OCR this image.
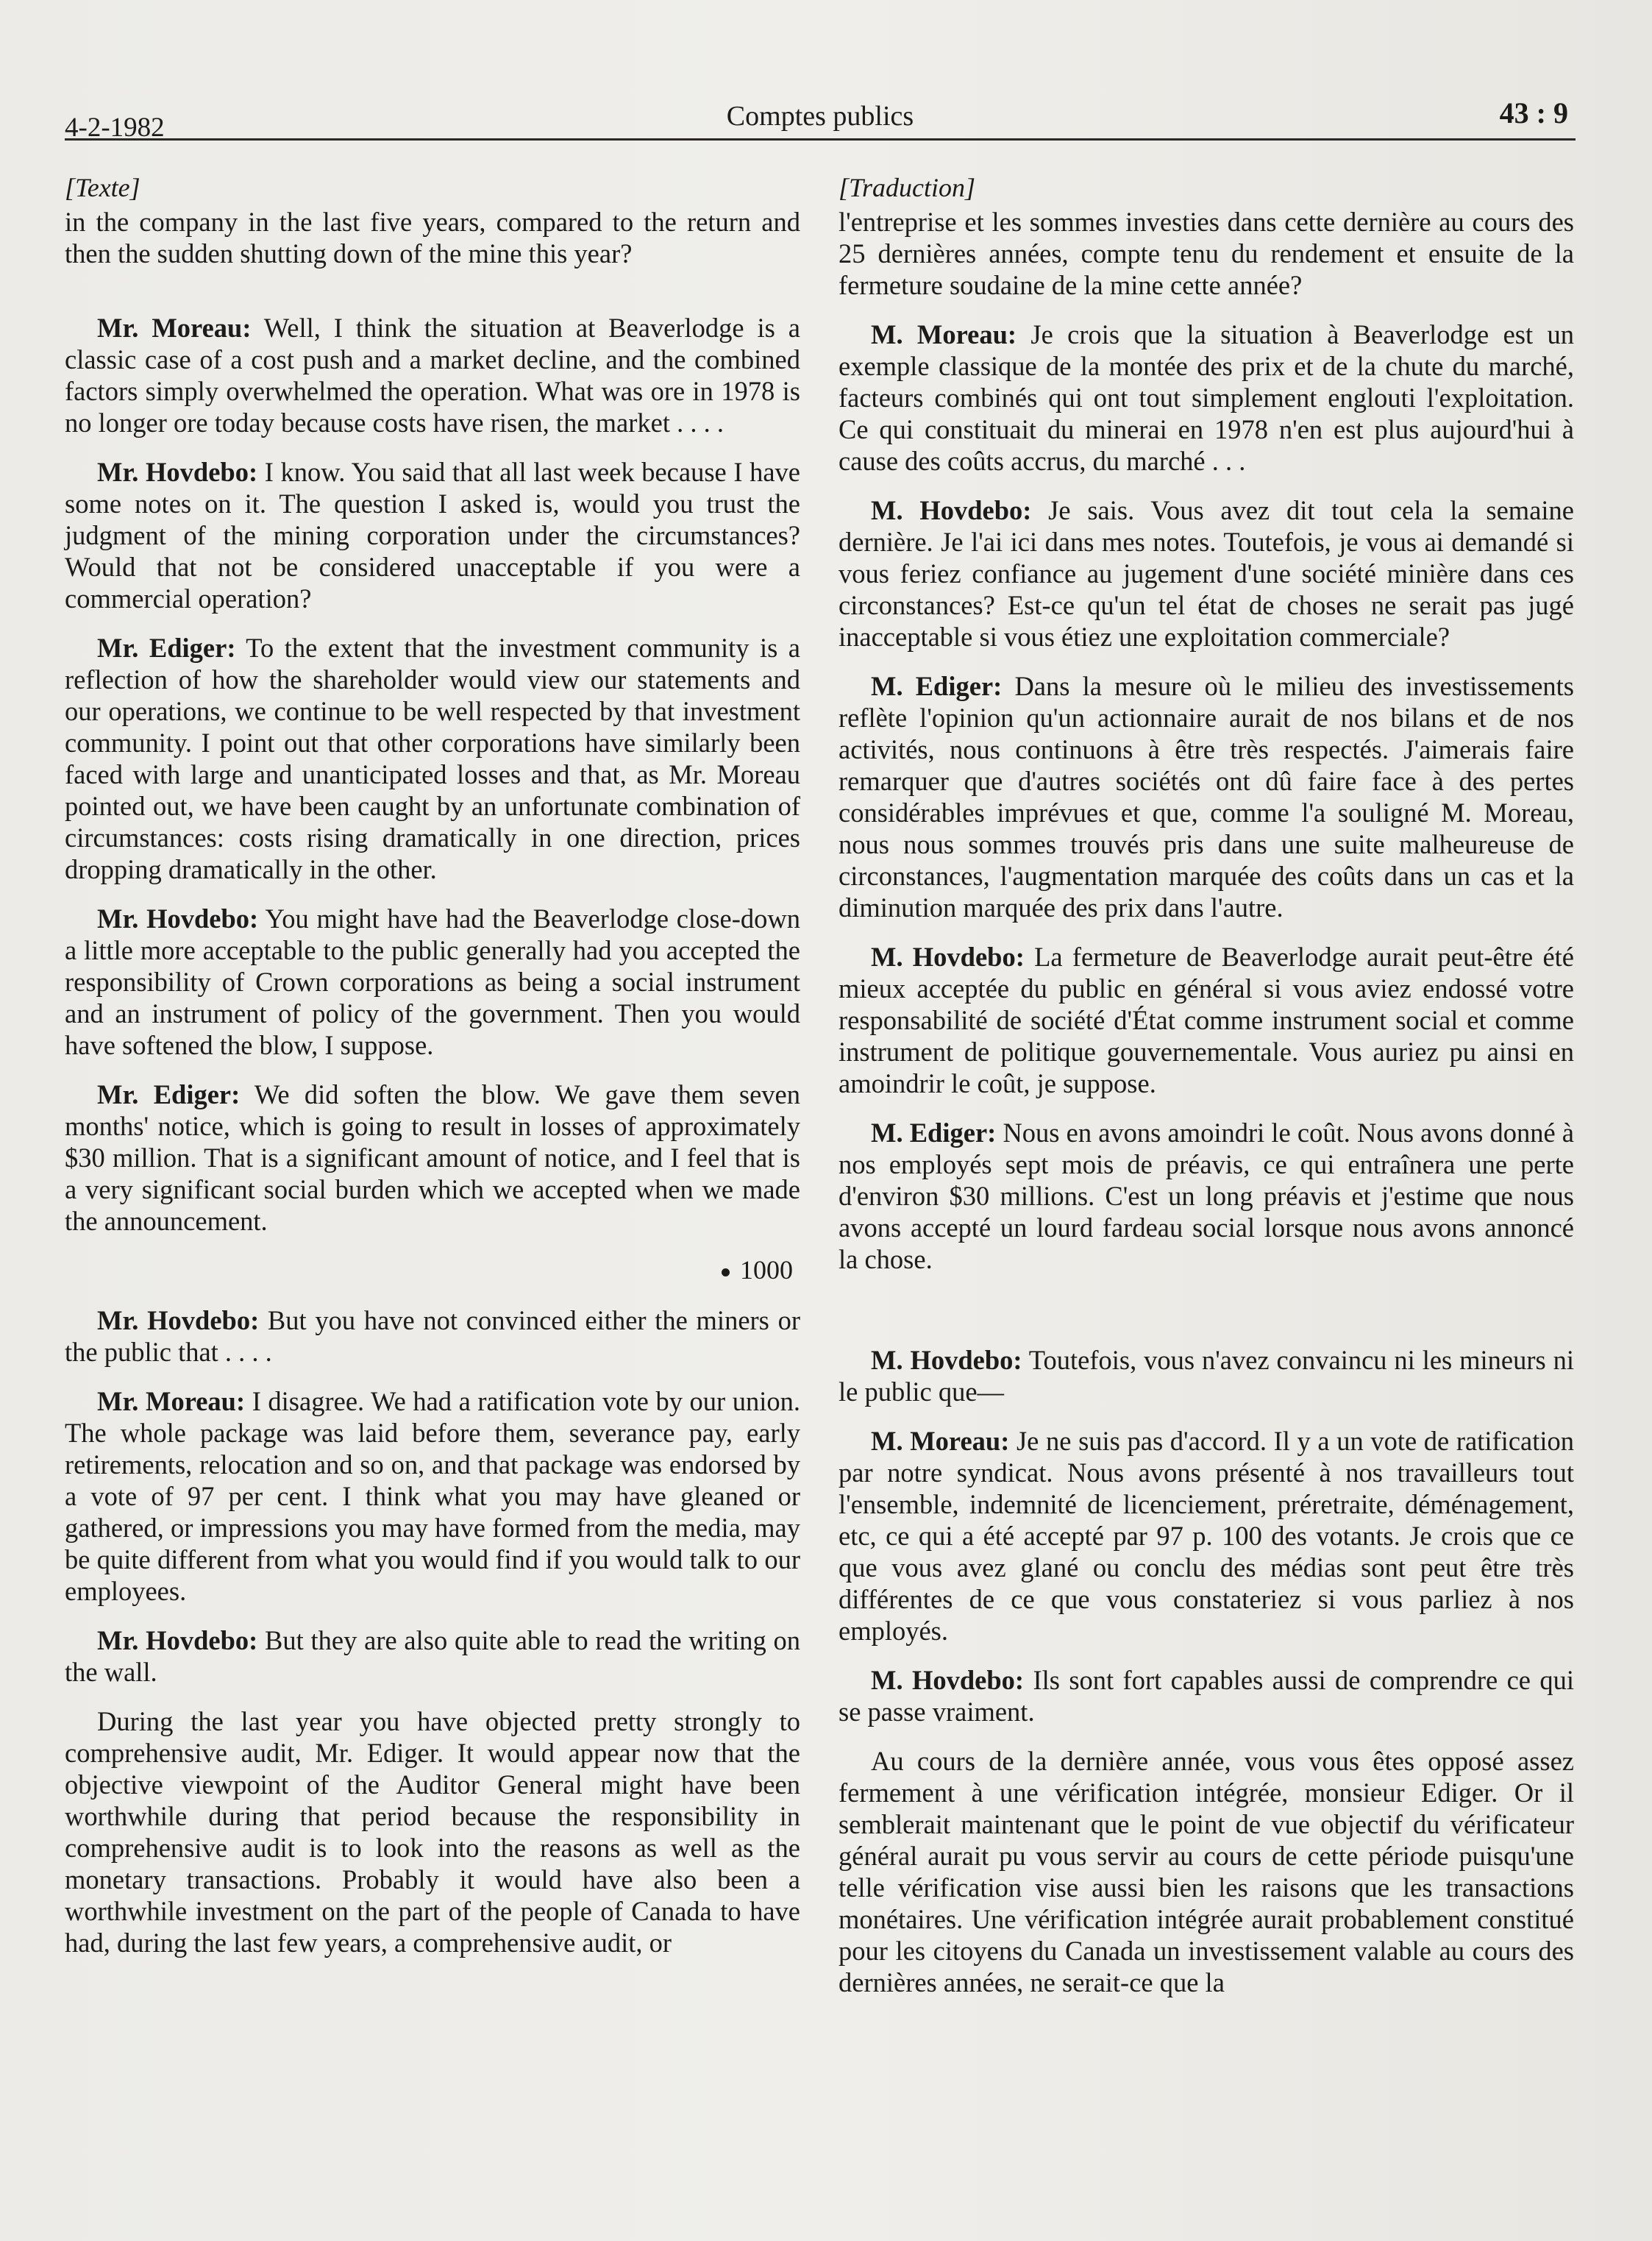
4-2-1982	Comptes publics	43 : 9
[Texte]

in the company in the last five years, compared to the return and then the sudden shutting down of the mine this year?

Mr. Moreau: Well, I think the situation at Beaverlodge is a classic case of a cost push and a market decline, and the combined factors simply overwhelmed the operation. What was ore in 1978 is no longer ore today because costs have risen, the market . . . .

Mr. Hovdebo: I know. You said that all last week because I have some notes on it. The question I asked is, would you trust the judgment of the mining corporation under the circumstances? Would that not be considered unacceptable if you were a commercial operation?

Mr. Ediger: To the extent that the investment community is a reflection of how the shareholder would view our statements and our operations, we continue to be well respected by that investment community. I point out that other corporations have similarly been faced with large and unanticipated losses and that, as Mr. Moreau pointed out, we have been caught by an unfortunate combination of circumstances: costs rising dramatically in one direction, prices dropping dramatically in the other.

Mr. Hovdebo: You might have had the Beaverlodge close-down a little more acceptable to the public generally had you accepted the responsibility of Crown corporations as being a social instrument and an instrument of policy of the government. Then you would have softened the blow, I suppose.

Mr. Ediger: We did soften the blow. We gave them seven months' notice, which is going to result in losses of approximately $30 million. That is a significant amount of notice, and I feel that is a very significant social burden which we accepted when we made the announcement.

1000

Mr. Hovdebo: But you have not convinced either the miners or the public that . . . .

Mr. Moreau: I disagree. We had a ratification vote by our union. The whole package was laid before them, severance pay, early retirements, relocation and so on, and that package was endorsed by a vote of 97 per cent. I think what you may have gleaned or gathered, or impressions you may have formed from the media, may be quite different from what you would find if you would talk to our employees.

Mr. Hovdebo: But they are also quite able to read the writing on the wall.

During the last year you have objected pretty strongly to comprehensive audit, Mr. Ediger. It would appear now that the objective viewpoint of the Auditor General might have been worthwhile during that period because the responsibility in comprehensive audit is to look into the reasons as well as the monetary transactions. Probably it would have also been a worthwhile investment on the part of the people of Canada to have had, during the last few years, a comprehensive audit, or

[Traduction]

l'entreprise et les sommes investies dans cette dernière au cours des 25 dernières années, compte tenu du rendement et ensuite de la fermeture soudaine de la mine cette année?

M. Moreau: Je crois que la situation à Beaverlodge est un exemple classique de la montée des prix et de la chute du marché, facteurs combinés qui ont tout simplement englouti l'exploitation. Ce qui constituait du minerai en 1978 n'en est plus aujourd'hui à cause des coûts accrus, du marché . . .

M. Hovdebo: Je sais. Vous avez dit tout cela la semaine dernière. Je l'ai ici dans mes notes. Toutefois, je vous ai demandé si vous feriez confiance au jugement d'une société minière dans ces circonstances? Est-ce qu'un tel état de choses ne serait pas jugé inacceptable si vous étiez une exploitation commerciale?

M. Ediger: Dans la mesure où le milieu des investissements reflète l'opinion qu'un actionnaire aurait de nos bilans et de nos activités, nous continuons à être très respectés. J'aimerais faire remarquer que d'autres sociétés ont dû faire face à des pertes considérables imprévues et que, comme l'a souligné M. Moreau, nous nous sommes trouvés pris dans une suite malheureuse de circonstances, l'augmentation marquée des coûts dans un cas et la diminution marquée des prix dans l'autre.

M. Hovdebo: La fermeture de Beaverlodge aurait peut-être été mieux acceptée du public en général si vous aviez endossé votre responsabilité de société d'État comme instrument social et comme instrument de politique gouvernementale. Vous auriez pu ainsi en amoindrir le coût, je suppose.

M. Ediger: Nous en avons amoindri le coût. Nous avons donné à nos employés sept mois de préavis, ce qui entraînera une perte d'environ $30 millions. C'est un long préavis et j'estime que nous avons accepté un lourd fardeau social lorsque nous avons annoncé la chose.

M. Hovdebo: Toutefois, vous n'avez convaincu ni les mineurs ni le public que—

M. Moreau: Je ne suis pas d'accord. Il y a un vote de ratification par notre syndicat. Nous avons présenté à nos travailleurs tout l'ensemble, indemnité de licenciement, préretraite, déménagement, etc, ce qui a été accepté par 97 p. 100 des votants. Je crois que ce que vous avez glané ou conclu des médias sont peut être très différentes de ce que vous constateriez si vous parliez à nos employés.

M. Hovdebo: Ils sont fort capables aussi de comprendre ce qui se passe vraiment.

Au cours de la dernière année, vous vous êtes opposé assez fermement à une vérification intégrée, monsieur Ediger. Or il semblerait maintenant que le point de vue objectif du vérificateur général aurait pu vous servir au cours de cette période puisqu'une telle vérification vise aussi bien les raisons que les transactions monétaires. Une vérification intégrée aurait probablement constitué pour les citoyens du Canada un investissement valable au cours des dernières années, ne serait-ce que la
